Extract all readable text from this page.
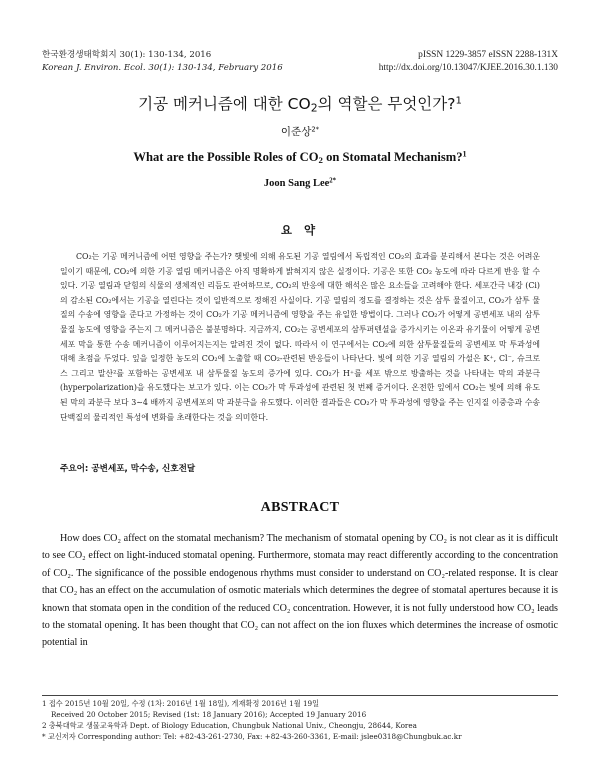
한국환경생태학회지 30(1): 130-134, 2016
Korean J. Environ. Ecol. 30(1): 130-134, February 2016
pISSN 1229-3857 eISSN 2288-131X
http://dx.doi.org/10.13047/KJEE.2016.30.1.130
기공 메커니즘에 대한 $CO_2$의 역할은 무엇인가?$^1$
이준상$^{2*}$
What are the Possible Roles of $CO_2$ on Stomatal Mechanism?$^1$
Joon Sang Lee$^{2*}$
요 약
CO₂는 기공 메커니즘에 어떤 영향을 주는가? 햇빛에 의해 유도된 기공 열림에서 독립적인 CO₂의 효과를 분리해서 본다는 것은 어려운 일이기 때문에, CO₂에 의한 기공 열림 메커니즘은 아직 명확하게 밝혀지지 않은 실정이다. 기공은 또한 CO₂ 농도에 따라 다르게 반응 할 수 있다. 기공 열림과 닫힘의 식물의 생체적인 리듬도 관여하므로, CO₂의 반응에 대한 해석은 많은 요소들을 고려해야 한다. 세포간극 내강 (Ci)의 감소된 CO₂에서는 기공을 열린다는 것이 일반적으로 정해진 사실이다. 기공 열림의 정도를 결정하는 것은 삼투 물질이고, CO₂가 삼투 물질의 수송에 영향을 준다고 가정하는 것이 CO₂가 기공 메커니즘에 영향을 주는 유일한 방법이다. 그러나 CO₂가 어떻게 공변세포 내의 삼투물질 농도에 영향을 주는지 그 메커니즘은 불분명하다. 지금까지, CO₂는 공변세포의 삼투퍼텐셜을 증가시키는 이온과 유기물이 어떻게 공변세포 막을 통한 수송 메커니즘이 이루어지는지는 알려진 것이 없다. 따라서 이 연구에서는 CO₂에 의한 삼투물질들의 공변세포 막 투과성에 대해 초점을 두었다. 잎을 일정한 농도의 CO₂에 노출할 때 CO₂-관련된 반응들이 나타난다. 빛에 의한 기공 열림의 가설은 K⁺, Cl⁻, 슈크로스 그리고 말산²를 포함하는 공변세포 내 삼투물질 농도의 증가에 있다. CO₂가 H⁺를 세포 밖으로 방출하는 것을 나타내는 막의 과분극 (hyperpolarization)을 유도했다는 보고가 있다. 이는 CO₂가 막 투과성에 관련된 첫 번째 증거이다. 온전한 잎에서 CO₂는 빛에 의해 유도된 막의 과분극 보다 3∼4 배까지 공변세포의 막 과분극을 유도했다. 이러한 결과들은 CO₂가 막 투과성에 영향을 주는 인지질 이중층과 수송단백질의 물리적인 특성에 변화를 초래한다는 것을 의미한다.
주요어: 공변세포, 막수송, 신호전달
ABSTRACT
How does CO₂ affect on the stomatal mechanism? The mechanism of stomatal opening by CO₂ is not clear as it is difficult to see CO₂ effect on light-induced stomatal opening. Furthermore, stomata may react differently according to the concentration of CO₂. The significance of the possible endogenous rhythms must consider to understand on CO₂-related response. It is clear that CO₂ has an effect on the accumulation of osmotic materials which determines the degree of stomatal apertures because it is known that stomata open in the condition of the reduced CO₂ concentration. However, it is not fully understood how CO₂ leads to the stomatal opening. It has been thought that CO₂ can not affect on the ion fluxes which determines the increase of osmotic potential in
1 접수 2015년 10월 20일, 수정 (1차: 2016년 1월 18일), 게재확정 2016년 1월 19일
Received 20 October 2015; Revised (1st: 18 January 2016); Accepted 19 January 2016
2 충북대학교 생물교육학과 Dept. of Biology Education, Chungbuk National Univ., Cheongju, 28644, Korea
* 교신저자 Corresponding author: Tel: +82-43-261-2730, Fax: +82-43-260-3361, E-mail: jslee0318@Chungbuk.ac.kr
